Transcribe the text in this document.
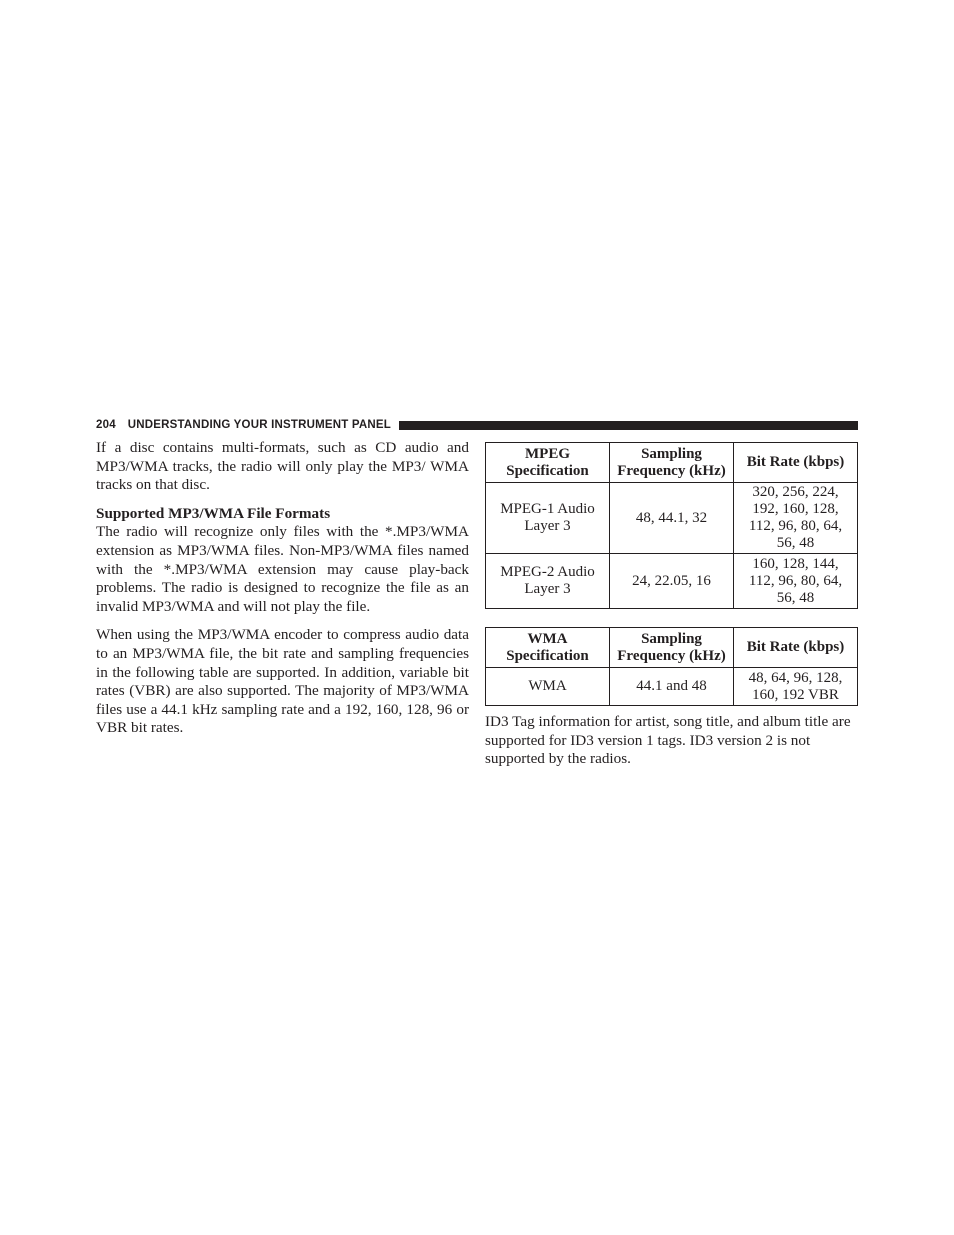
204 UNDERSTANDING YOUR INSTRUMENT PANEL

If a disc contains multi-formats, such as CD audio and MP3/WMA tracks, the radio will only play the MP3/ WMA tracks on that disc.

Supported MP3/WMA File Formats

The radio will recognize only files with the *.MP3/WMA extension as MP3/WMA files. Non-MP3/WMA files named with the *.MP3/WMA extension may cause play-back problems. The radio is designed to recognize the file as an invalid MP3/WMA and will not play the file.

When using the MP3/WMA encoder to compress audio data to an MP3/WMA file, the bit rate and sampling frequencies in the following table are supported. In addition, variable bit rates (VBR) are also supported. The majority of MP3/WMA files use a 44.1 kHz sampling rate and a 192, 160, 128, 96 or VBR bit rates.

MPEG Specification	Sampling Frequency (kHz)	Bit Rate (kbps)
MPEG-1 Audio Layer 3	48, 44.1, 32	320, 256, 224, 192, 160, 128, 112, 96, 80, 64, 56, 48
MPEG-2 Audio Layer 3	24, 22.05, 16	160, 128, 144, 112, 96, 80, 64, 56, 48
WMA Specification	Sampling Frequency (kHz)	Bit Rate (kbps)
WMA	44.1 and 48	48, 64, 96, 128, 160, 192 VBR

ID3 Tag information for artist, song title, and album title are supported for ID3 version 1 tags. ID3 version 2 is not supported by the radios.
